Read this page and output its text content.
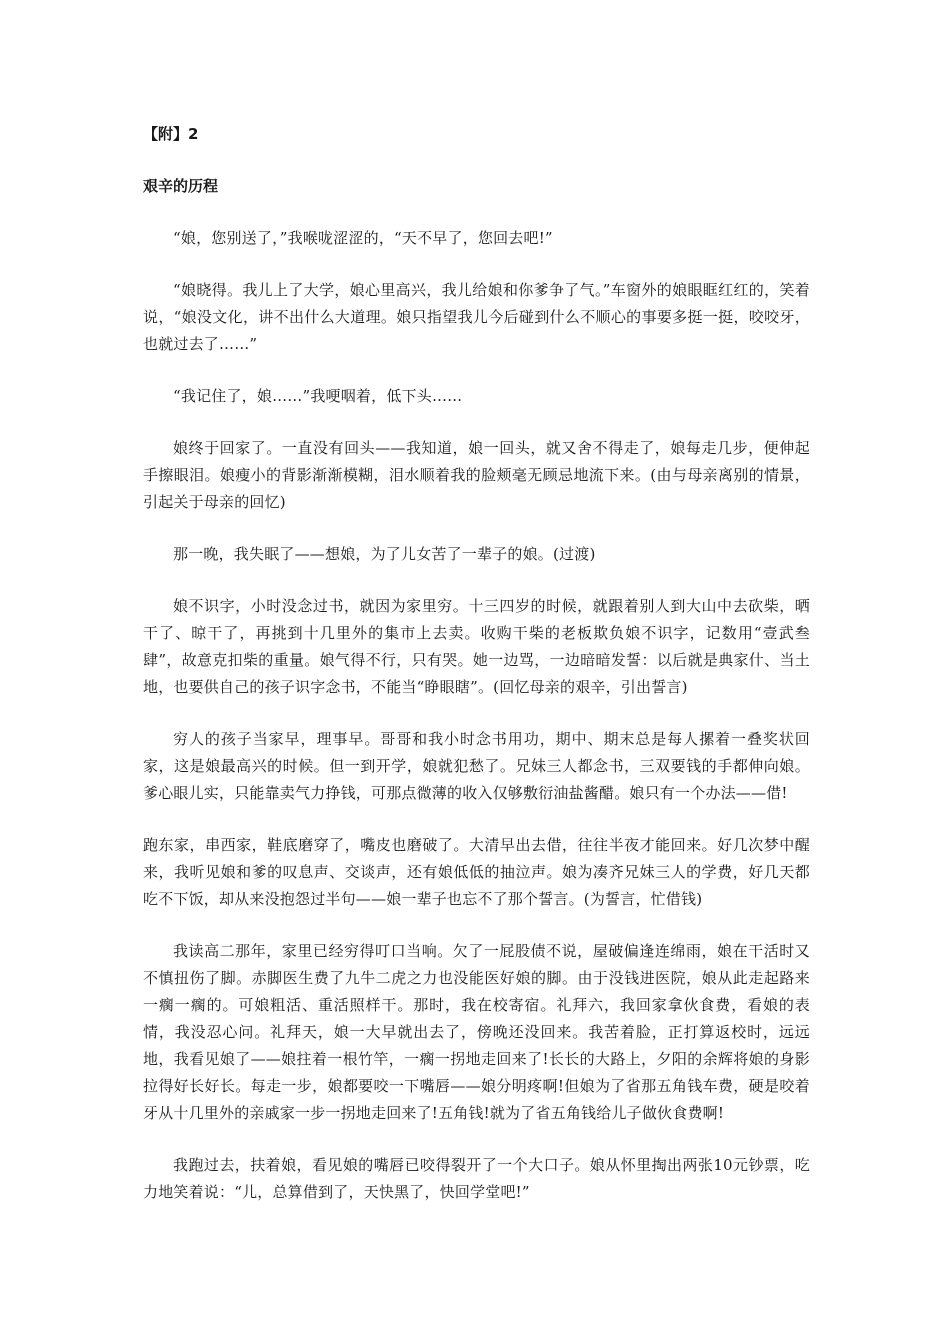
【附】2

艰辛的历程

“娘，您别送了，”我喉咙涩涩的，“天不早了，您回去吧!”

“娘晓得。我儿上了大学，娘心里高兴，我儿给娘和你爹争了气。”车窗外的娘眼眶红红的，笑着说，“娘没文化，讲不出什么大道理。娘只指望我儿今后碰到什么不顺心的事要多挺一挺，咬咬牙，也就过去了……”

“我记住了，娘……”我哽咽着，低下头……

娘终于回家了。一直没有回头——我知道，娘一回头，就又舍不得走了，娘每走几步，便伸起手擦眼泪。娘瘦小的背影渐渐模糊，泪水顺着我的脸颊毫无顾忌地流下来。(由与母亲离别的情景，引起关于母亲的回忆)

那一晚，我失眠了——想娘，为了儿女苦了一辈子的娘。(过渡)

娘不识字，小时没念过书，就因为家里穷。十三四岁的时候，就跟着别人到大山中去砍柴，晒干了、晾干了，再挑到十几里外的集市上去卖。收购干柴的老板欺负娘不识字，记数用“壹武叁肆”，故意克扣柴的重量。娘气得不行，只有哭。她一边骂，一边暗暗发誓：以后就是典家什、当土地，也要供自己的孩子识字念书，不能当“睁眼瞎”。(回忆母亲的艰辛，引出誓言)

穷人的孩子当家早，理事早。哥哥和我小时念书用功，期中、期末总是每人摞着一叠奖状回家，这是娘最高兴的时候。但一到开学，娘就犯愁了。兄妹三人都念书，三双要钱的手都伸向娘。爹心眼儿实，只能靠卖气力挣钱，可那点微薄的收入仅够敷衍油盐酱醋。娘只有一个办法——借!

跑东家，串西家，鞋底磨穿了，嘴皮也磨破了。大清早出去借，往往半夜才能回来。好几次梦中醒来，我听见娘和爹的叹息声、交谈声，还有娘低低的抽泣声。娘为凑齐兄妹三人的学费，好几天都吃不下饭，却从来没抱怨过半句——娘一辈子也忘不了那个誓言。(为誓言，忙借钱)

我读高二那年，家里已经穷得叮口当响。欠了一屁股债不说，屋破偏逢连绵雨，娘在干活时又不慎扭伤了脚。赤脚医生费了九牛二虎之力也没能医好娘的脚。由于没钱进医院，娘从此走起路来一瘸一瘸的。可娘粗活、重活照样干。那时，我在校寄宿。礼拜六，我回家拿伙食费，看娘的表情，我没忍心问。礼拜天，娘一大早就出去了，傍晚还没回来。我苦着脸，正打算返校时，远远地，我看见娘了——娘拄着一根竹竿，一瘸一拐地走回来了!长长的大路上，夕阳的余辉将娘的身影拉得好长好长。每走一步，娘都要咬一下嘴唇——娘分明疼啊!但娘为了省那五角钱车费，硬是咬着牙从十几里外的亲戚家一步一拐地走回来了!五角钱!就为了省五角钱给儿子做伙食费啊!

我跑过去，扶着娘，看见娘的嘴唇已咬得裂开了一个大口子。娘从怀里掏出两张10元钞票，吃力地笑着说：“儿，总算借到了，天快黑了，快回学堂吧!”
